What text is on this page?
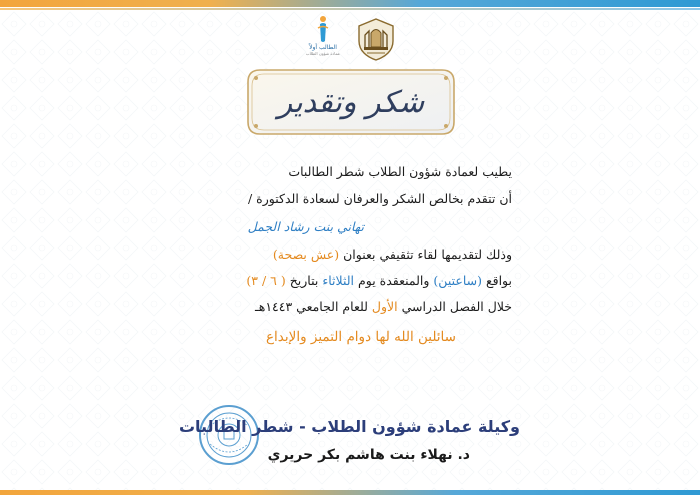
الطالب أولاً
عمادة شؤون الطلاب
شكر وتقدير
يطيب لعمادة شؤون الطلاب شطر الطالبات
أن تتقدم بخالص الشكر والعرفان لسعادة الدكتورة /
تهاني بنت رشاد الجمل
وذلك لتقديمها لقاء تثقيفي بعنوان (عش بصحة)
بواقع (ساعتين) والمنعقدة يوم الثلاثاء بتاريخ ( ٦ / ٣)
خلال الفصل الدراسي الأول للعام الجامعي ١٤٤٣هـ
سائلين الله لها دوام التميز والإبداع
وكيلة عمادة شؤون الطلاب - شطر الطالبات
د. نهلاء بنت هاشم بكر حريري
